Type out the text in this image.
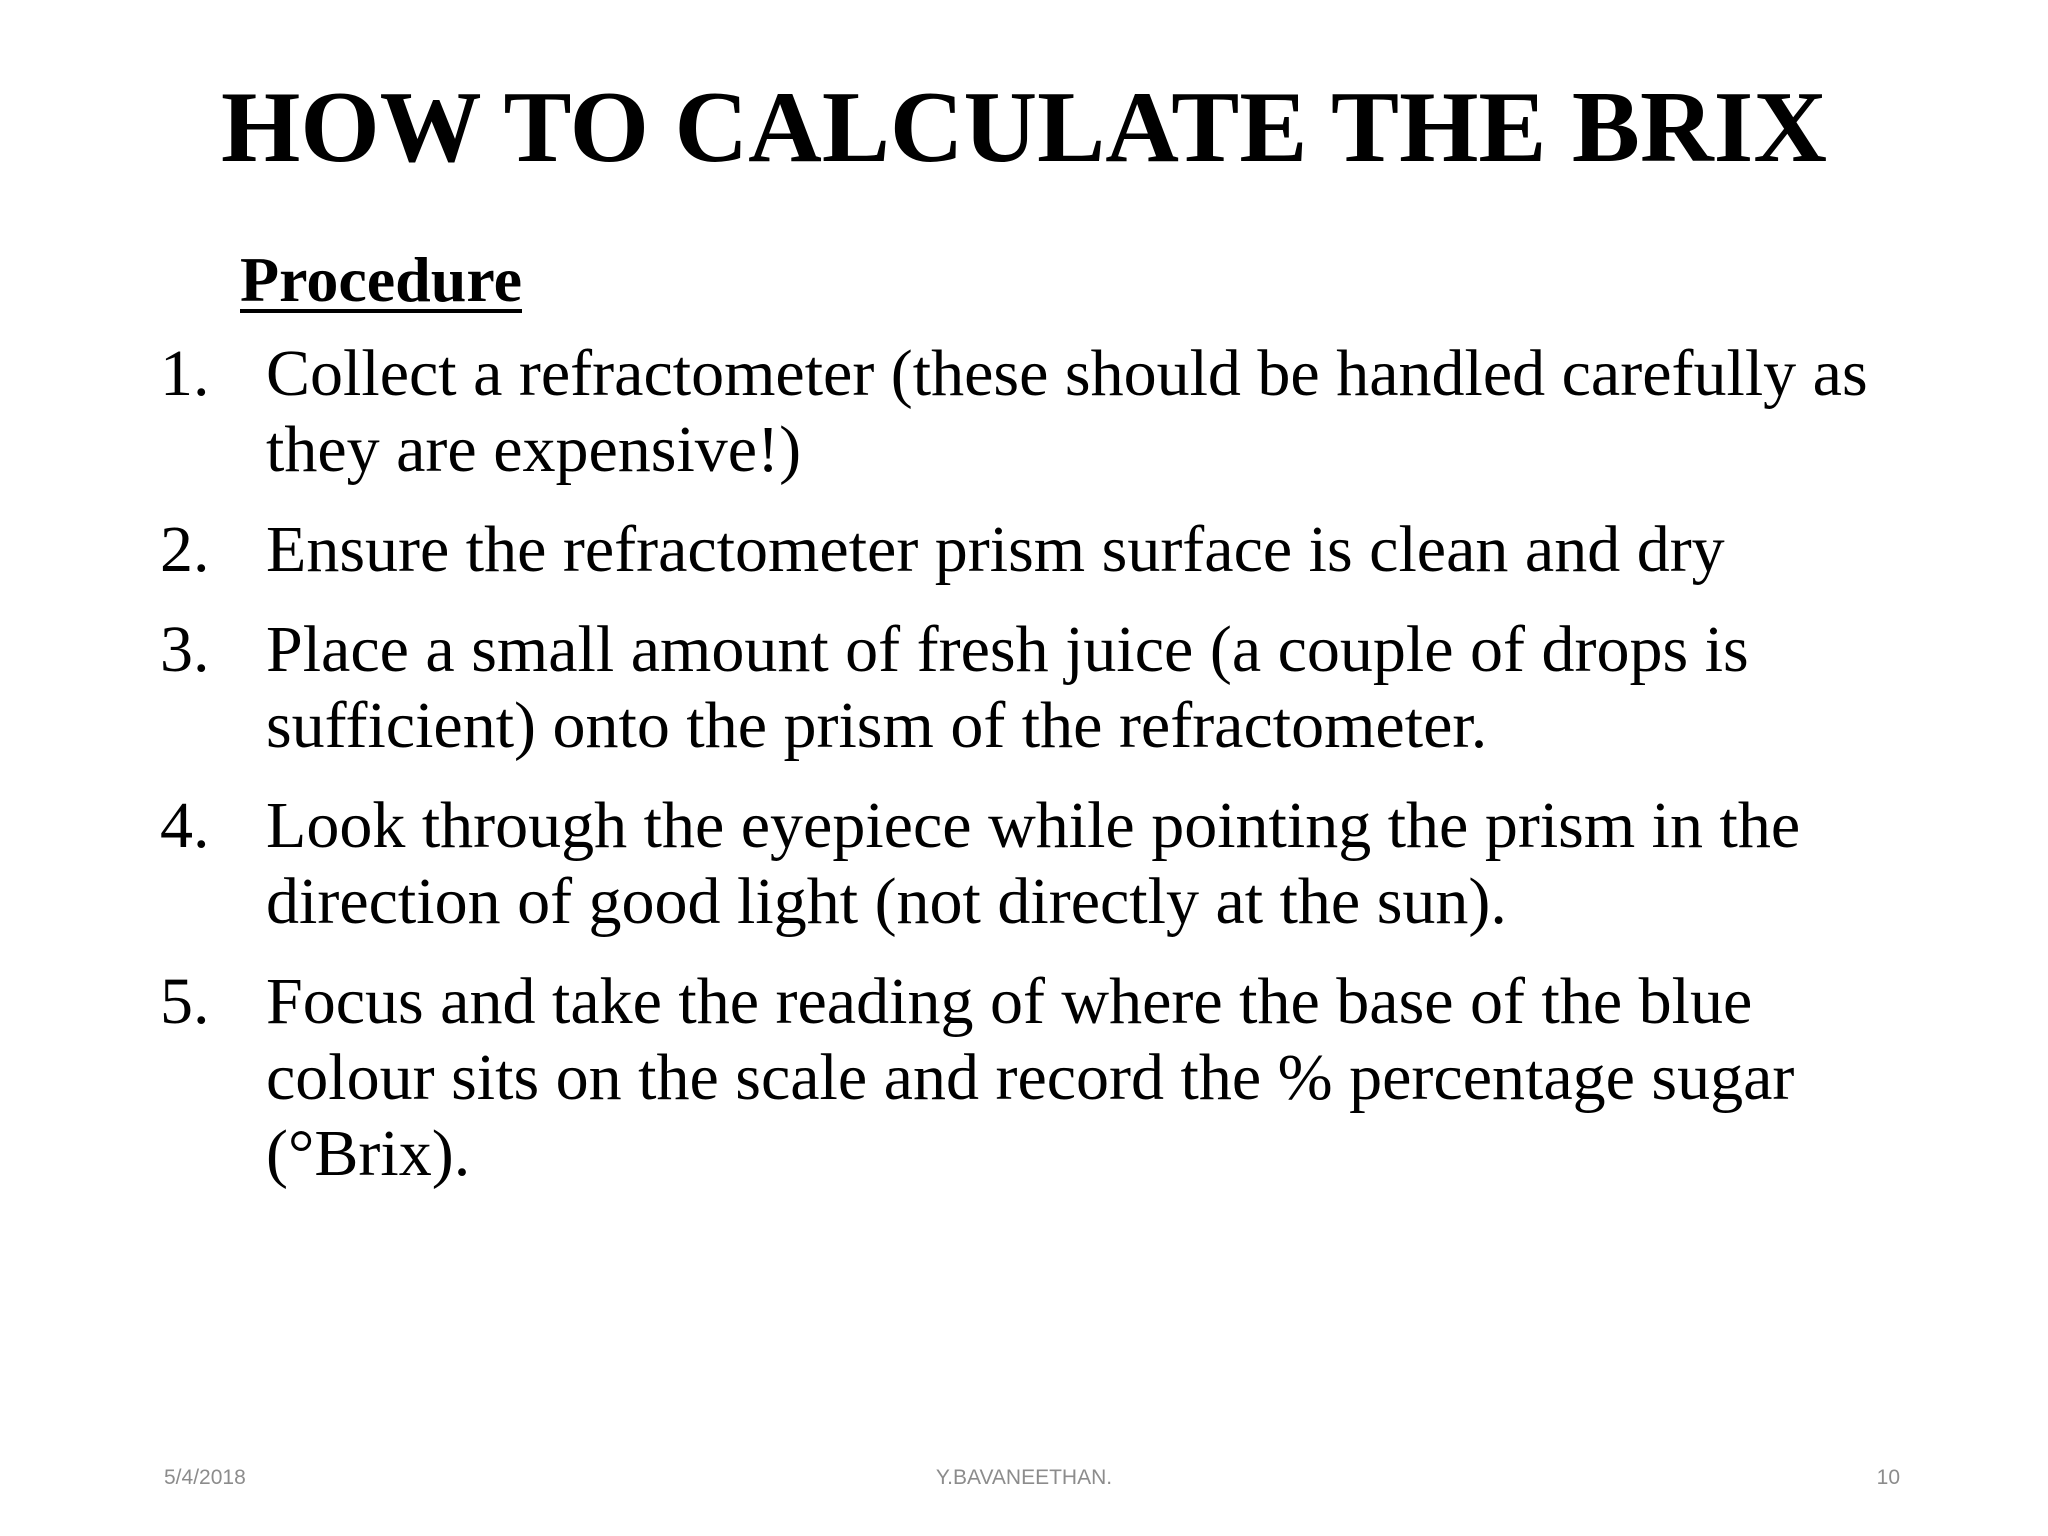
HOW TO CALCULATE THE BRIX
Procedure
1. Collect a refractometer (these should be handled carefully as they are expensive!)
2. Ensure the refractometer prism surface is clean and dry
3. Place a small amount of fresh juice (a couple of drops is sufficient) onto the prism of the refractometer.
4. Look through the eyepiece while pointing the prism in the direction of good light (not directly at the sun).
5. Focus and take the reading of where the base of the blue colour sits on the scale and record the % percentage sugar (°Brix).
5/4/2018	Y.BAVANEETHAN.	10
